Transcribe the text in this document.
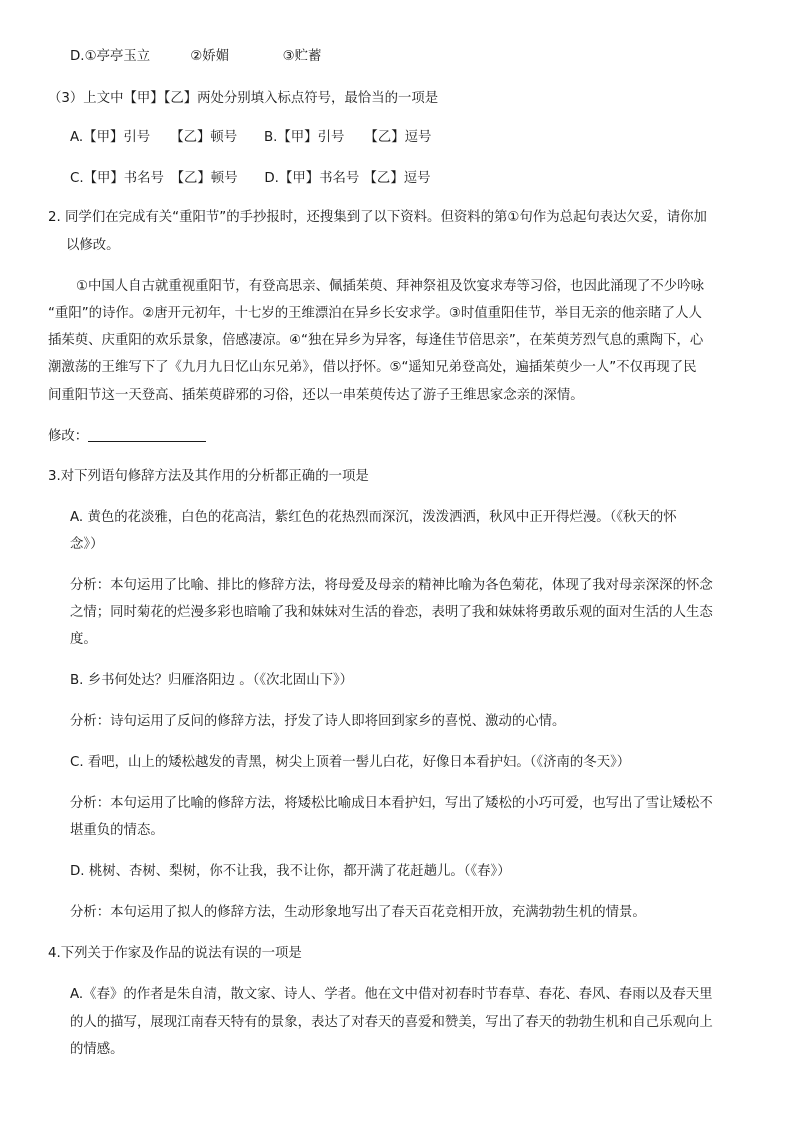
D.①亭亭玉立　　　②娇媚　　　　③贮蓄
（3）上文中【甲】【乙】两处分别填入标点符号，最恰当的一项是
A.【甲】引号　　【乙】顿号　　B.【甲】引号　　【乙】逗号
C.【甲】书名号　【乙】顿号　　D.【甲】书名号 【乙】逗号
2. 同学们在完成有关“重阳节”的手抄报时，还搜集到了以下资料。但资料的第①句作为总起句表达欠妥，请你加
以修改。
①中国人自古就重视重阳节，有登高思亲、佩插茱萸、拜神祭祖及饮宴求寿等习俗，也因此涌现了不少吟咏
“重阳”的诗作。②唐开元初年，十七岁的王维漂泊在异乡长安求学。③时值重阳佳节，举目无亲的他亲睹了人人
插茱萸、庆重阳的欢乐景象，倍感凄凉。④“独在异乡为异客，每逢佳节倍思亲”，在茱萸芳烈气息的熏陶下，心
潮激荡的王维写下了《九月九日忆山东兄弟》，借以抒怀。⑤“遥知兄弟登高处，遍插茱萸少一人”不仅再现了民
间重阳节这一天登高、插茱萸辟邪的习俗，还以一串茱萸传达了游子王维思家念亲的深情。
修改：
3.对下列语句修辞方法及其作用的分析都正确的一项是
A. 黄色的花淡雅，白色的花高洁，紫红色的花热烈而深沉，泼泼洒洒，秋风中正开得烂漫。（《秋天的怀
念》）
分析：本句运用了比喻、排比的修辞方法，将母爱及母亲的精神比喻为各色菊花，体现了我对母亲深深的怀念
之情；同时菊花的烂漫多彩也暗喻了我和妹妹对生活的眷恋，表明了我和妹妹将勇敢乐观的面对生活的人生态
度。
B. 乡书何处达？归雁洛阳边 。（《次北固山下》）
分析：诗句运用了反问的修辞方法，抒发了诗人即将回到家乡的喜悦、激动的心情。
C. 看吧，山上的矮松越发的青黑，树尖上顶着一髻儿白花，好像日本看护妇。（《济南的冬天》）
分析：本句运用了比喻的修辞方法，将矮松比喻成日本看护妇，写出了矮松的小巧可爱，也写出了雪让矮松不
堪重负的情态。
D. 桃树、杏树、梨树，你不让我，我不让你，都开满了花赶趟儿。（《春》）
分析：本句运用了拟人的修辞方法，生动形象地写出了春天百花竞相开放，充满勃勃生机的情景。
4.下列关于作家及作品的说法有误的一项是
A.《春》的作者是朱自清，散文家、诗人、学者。他在文中借对初春时节春草、春花、春风、春雨以及春天里
的人的描写，展现江南春天特有的景象，表达了对春天的喜爱和赞美，写出了春天的勃勃生机和自己乐观向上
的情感。
